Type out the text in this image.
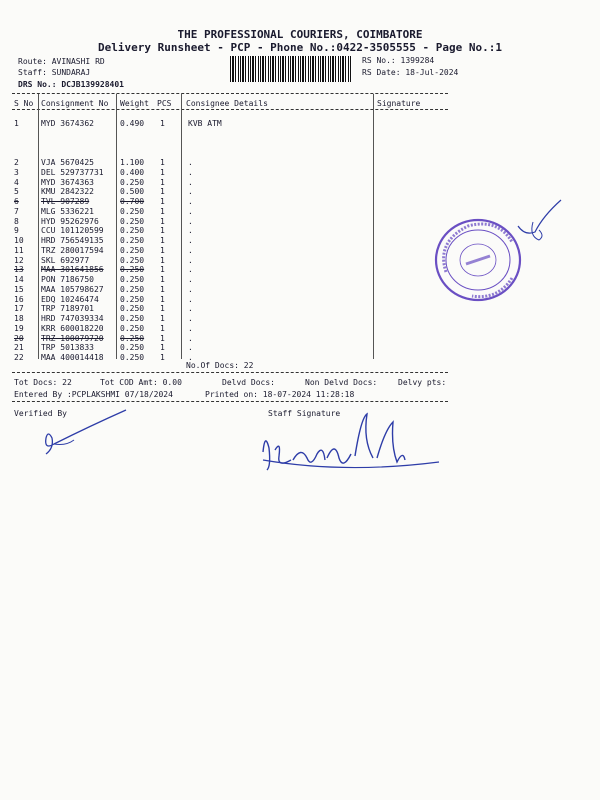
THE PROFESSIONAL COURIERS, COIMBATORE
Delivery Runsheet - PCP - Phone No.:0422-3505555 - Page No.:1
Route: AVINASHI RD
Staff: SUNDARAJ
DRS No.: DCJB139928401
RS No.: 1399284
RS Date: 18-Jul-2024
S No Consignment No Weight PCS Consignee Details	Signature
1	MYD 3674362	0.490 1	KVB ATM
2	VJA 5670425	1.100 1	.
3	DEL 529737731 0.400 1	.
4	MYD 3674363	0.250 1	.
5	KMU 2842322	0.500 1	.
6	TVL 907289	0.700 1	.
7	MLG 5336221	0.250 1	.
8	HYD 95262976	0.250 1	.
9	CCU 101120599 0.250 1	.
10 HRD 756549135 0.250 1	.
11 TRZ 280017594 0.250 1	.
12 SKL 692977	0.250 1	.
13 MAA 301641856 0.250 1	.
14 PON 7186750	0.250 1	.
15 MAA 105798627 0.250 1	.
16 EDQ 10246474	0.250 1	.
17 TRP 7189701	0.250 1	.
18 HRD 747039334 0.250 1	.
19 KRR 600018220 0.250 1	.
20 TRZ 100079720 0.250 1	.
21 TRP 5013833	0.250 1	.
22 MAA 400014418 0.250 1	.
No.Of Docs: 22
Tot Docs: 22	Tot COD Amt: 0.00	Delvd Docs:	Non Delvd Docs:	Delvy pts:
Entered By :PCPLAKSHMI 07/18/2024	Printed on: 18-07-2024 11:28:18
Verified By	Staff Signature
